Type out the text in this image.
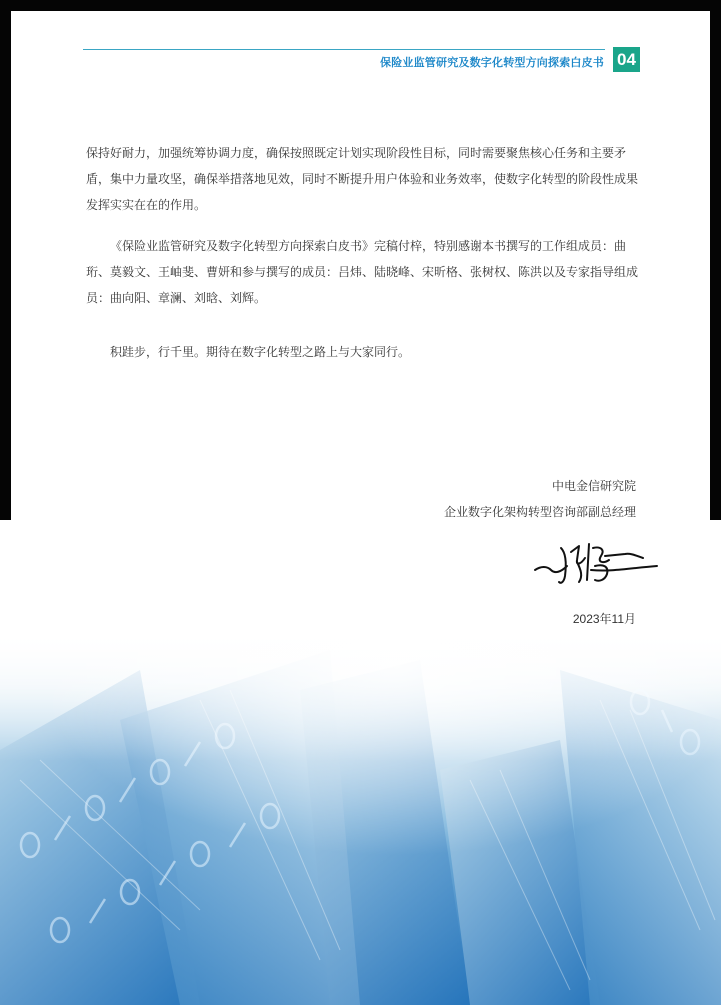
保险业监管研究及数字化转型方向探索白皮书 04

保持好耐力，加强统筹协调力度，确保按照既定计划实现阶段性目标，同时需要聚焦核心任务和主要矛盾，集中力量攻坚，确保举措落地见效，同时不断提升用户体验和业务效率，使数字化转型的阶段性成果发挥实实在在的作用。

《保险业监管研究及数字化转型方向探索白皮书》完稿付梓，特别感谢本书撰写的工作组成员：曲珩、莫毅文、王岫斐、曹妍和参与撰写的成员：吕炜、陆晓峰、宋昕格、张树权、陈洪以及专家指导组成员：曲向阳、章澜、刘晗、刘辉。

积跬步，行千里。期待在数字化转型之路上与大家同行。

中电金信研究院
企业数字化架构转型咨询部副总经理
2023年11月
